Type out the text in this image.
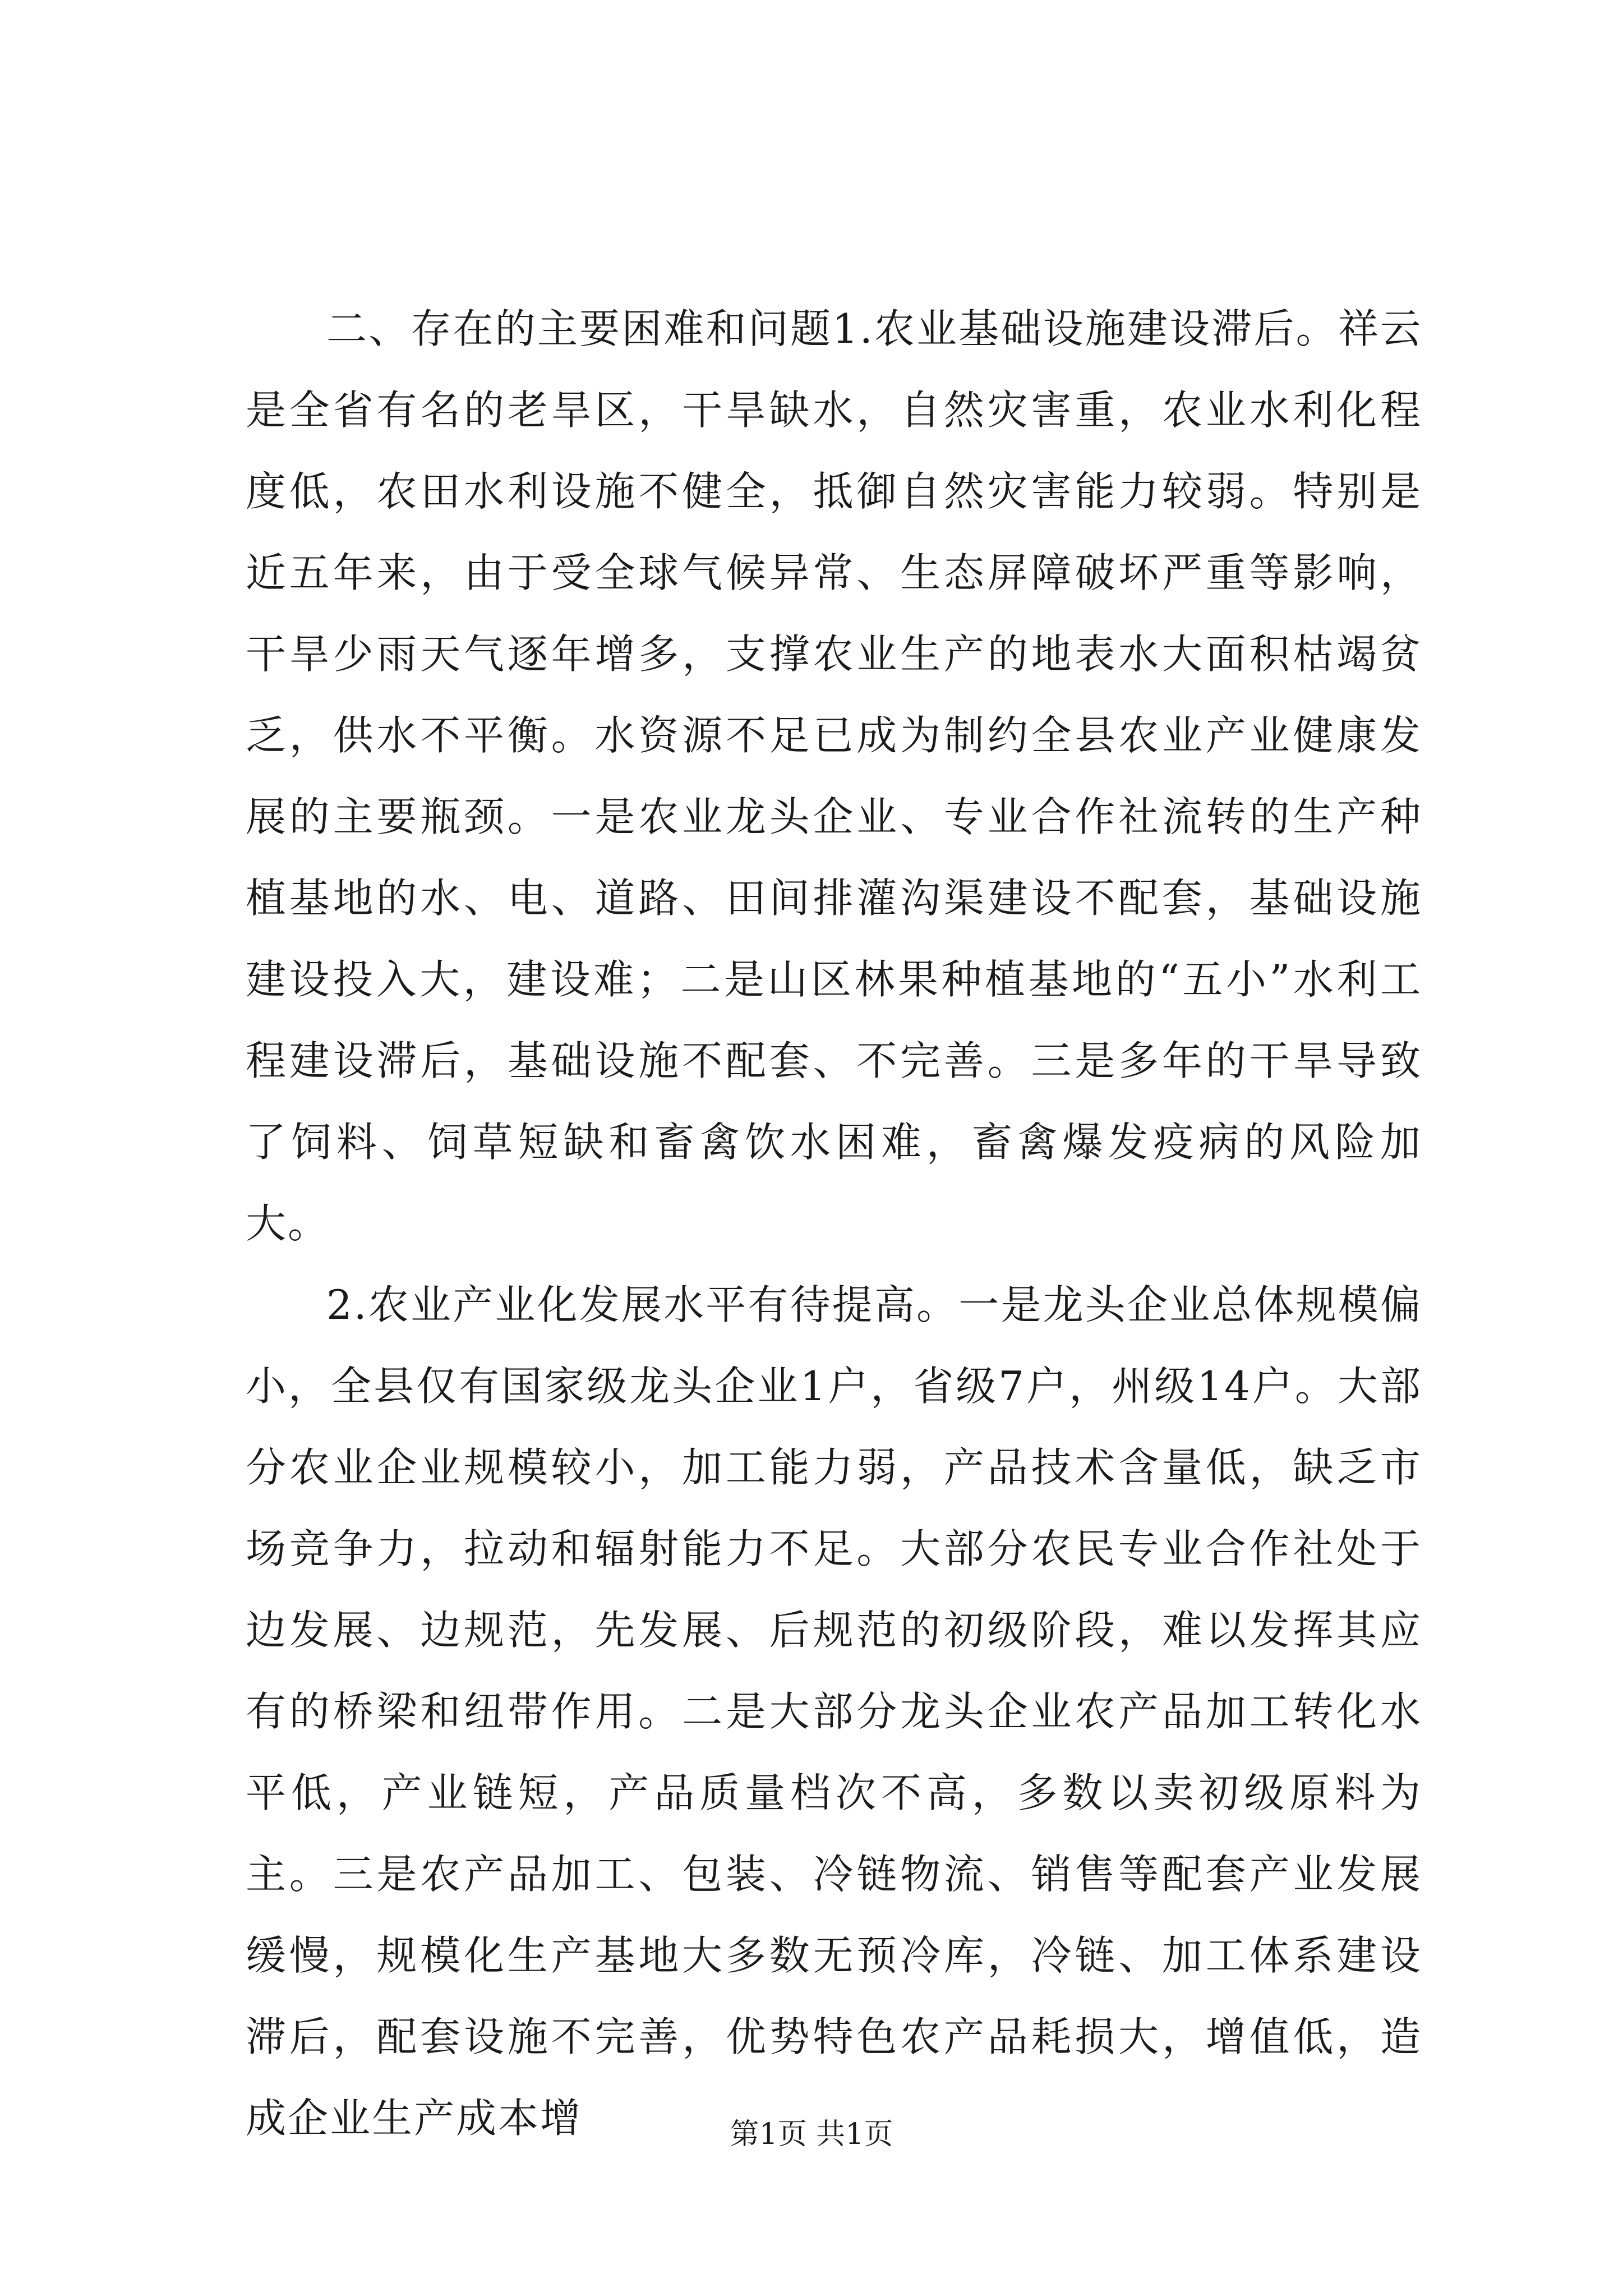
二、存在的主要困难和问题1.农业基础设施建设滞后。祥云是全省有名的老旱区，干旱缺水，自然灾害重，农业水利化程度低，农田水利设施不健全，抵御自然灾害能力较弱。特别是近五年来，由于受全球气候异常、生态屏障破坏严重等影响，干旱少雨天气逐年增多，支撑农业生产的地表水大面积枯竭贫乏，供水不平衡。水资源不足已成为制约全县农业产业健康发展的主要瓶颈。一是农业龙头企业、专业合作社流转的生产种植基地的水、电、道路、田间排灌沟渠建设不配套，基础设施建设投入大，建设难；二是山区林果种植基地的“五小”水利工程建设滞后，基础设施不配套、不完善。三是多年的干旱导致了饲料、饲草短缺和畜禽饮水困难，畜禽爆发疫病的风险加大。

2.农业产业化发展水平有待提高。一是龙头企业总体规模偏小，全县仅有国家级龙头企业1户，省级7户，州级14户。大部分农业企业规模较小，加工能力弱，产品技术含量低，缺乏市场竞争力，拉动和辐射能力不足。大部分农民专业合作社处于边发展、边规范，先发展、后规范的初级阶段，难以发挥其应有的桥梁和纽带作用。二是大部分龙头企业农产品加工转化水平低，产业链短，产品质量档次不高，多数以卖初级原料为主。三是农产品加工、包装、冷链物流、销售等配套产业发展缓慢，规模化生产基地大多数无预冷库，冷链、加工体系建设滞后，配套设施不完善，优势特色农产品耗损大，增值低，造成企业生产成本增	第1页 共1页
